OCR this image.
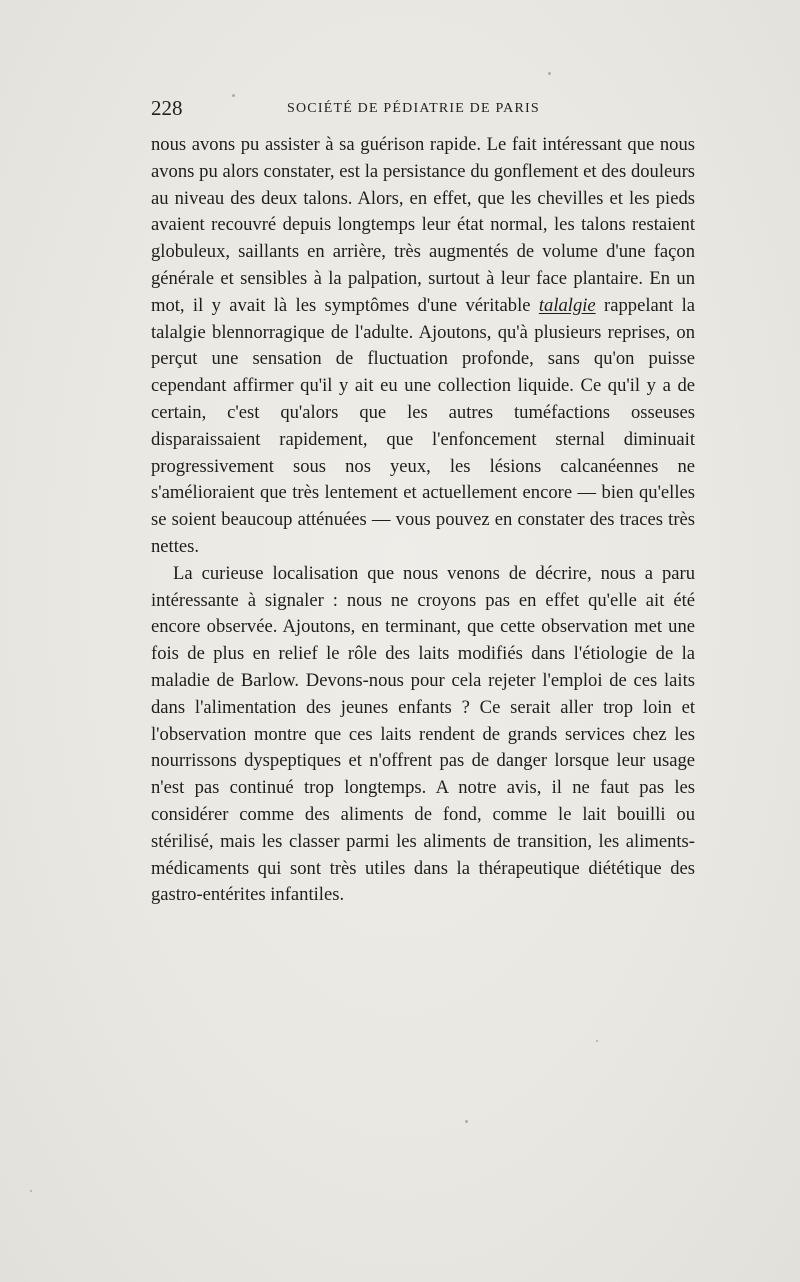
228	SOCIÉTÉ DE PÉDIATRIE DE PARIS

nous avons pu assister à sa guérison rapide. Le fait intéressant que nous avons pu alors constater, est la persistance du gonflement et des douleurs au niveau des deux talons. Alors, en effet, que les chevilles et les pieds avaient recouvré depuis longtemps leur état normal, les talons restaient globuleux, saillants en arrière, très augmentés de volume d'une façon générale et sensibles à la palpation, surtout à leur face plantaire. En un mot, il y avait là les symptômes d'une véritable talalgie rappelant la talalgie blennorragique de l'adulte. Ajoutons, qu'à plusieurs reprises, on perçut une sensation de fluctuation profonde, sans qu'on puisse cependant affirmer qu'il y ait eu une collection liquide. Ce qu'il y a de certain, c'est qu'alors que les autres tuméfactions osseuses disparaissaient rapidement, que l'enfoncement sternal diminuait progressivement sous nos yeux, les lésions calcanéennes ne s'amélioraient que très lentement et actuellement encore — bien qu'elles se soient beaucoup atténuées — vous pouvez en constater des traces très nettes.

La curieuse localisation que nous venons de décrire, nous a paru intéressante à signaler : nous ne croyons pas en effet qu'elle ait été encore observée. Ajoutons, en terminant, que cette observation met une fois de plus en relief le rôle des laits modifiés dans l'étiologie de la maladie de Barlow. Devons-nous pour cela rejeter l'emploi de ces laits dans l'alimentation des jeunes enfants ? Ce serait aller trop loin et l'observation montre que ces laits rendent de grands services chez les nourrissons dyspeptiques et n'offrent pas de danger lorsque leur usage n'est pas continué trop longtemps. A notre avis, il ne faut pas les considérer comme des aliments de fond, comme le lait bouilli ou stérilisé, mais les classer parmi les aliments de transition, les aliments-médicaments qui sont très utiles dans la thérapeutique diététique des gastro-entérites infantiles.
